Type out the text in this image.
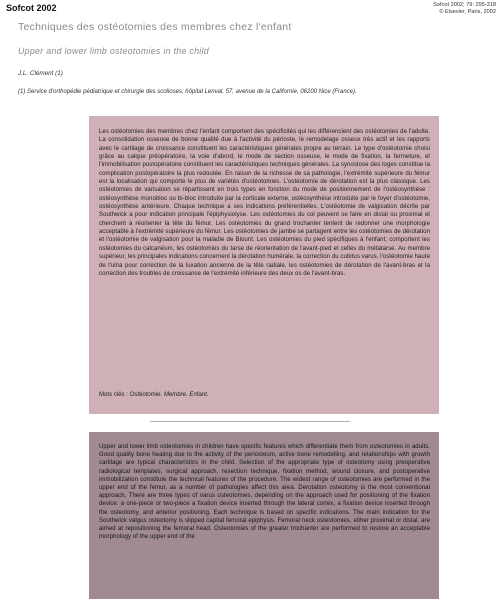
Sofcot 2002	Sofcot 2002; 79: 295-318
© Elsevier, Paris, 2002
Techniques des ostéotomies des membres chez l'enfant
Upper and lower limb osteotomies in the child
J.L. Clément (1)
(1) Service d'orthopédie pédiatrique et chirurgie des scolioses, hôpital Lenval, 57, avenue de la Californie, 06200 Nice (France).
Les ostéotomies des membres chez l'enfant comportent des spécificités qui les différencient des ostéotomies de l'adulte. La consolidation osseuse de bonne qualité due à l'activité du périoste, le remodelage osseux très actif et les rapports avec le cartilage de croissance constituent les caractéristiques générales propre au terrain. Le type d'ostéotomie choisi grâce au calque préopératoire, la voie d'abord, le mode de section osseuse, le mode de fixation, la fermeture, et l'immobilisation postopératoire constituent les caractéristiques techniques générales. La synostose des loges constitue la complication postopératoire la plus redoutée. En raison de la richesse de sa pathologie, l'extrémité supérieure du fémur est la localisation qui comporte le plus de variétés d'ostéotomies. L'ostéotomie de dérotation est la plus classique. Les ostéotomies de varisation se répartissent en trois types en fonction du mode de positionnement de l'ostéosynthèse : ostéosynthèse monobloc ou bi-bloc introduite par la corticale externe, ostéosynthèse introduite par le foyer d'ostéotomie, ostéosynthèse antérieure. Chaque technique a ses indications préférentielles. L'ostéotomie de valgisation décrite par Southwick a pour indication principale l'épiphysiolyse. Les ostéotomies du col peuvent se faire en distal ou proximal et cherchent à réorienter la tête du fémur. Les ostéotomies du grand trochanter tentent de redonner une morphologie acceptable à l'extrémité supérieure du fémur. Les ostéotomies de jambe se partagent entre les ostéotomies de dérotation et l'ostéotomie de valgisation pour la maladie de Blount. Les ostéotomies du pied spécifiques à l'enfant, comportent les ostéotomies du calcanéum, les ostéotomies du tarse de réorientation de l'avant-pied et celles du métatarse. Au membre supérieur, les principales indications concernent la dérotation humérale, la correction du cubitus varus, l'ostéotomie haute de l'ulna pour correction de la luxation ancienne de la tête radiale, les ostéotomies de dérotation de l'avant-bras et la correction des troubles de croissance de l'extrémité inférieure des deux os de l'avant-bras.
Mots clés : Ostéotomie. Membre. Enfant.
Upper and lower limb osteotomies in children have specific features which differentiate them from osteotomies in adults. Good quality bone healing due to the activity of the periosteum, active bone remodelling, and relationships with growth cartilage are typical characteristics in the child. Selection of the appropriate type of osteotomy using preoperative radiological templates, surgical approach, resection technique, fixation method, wound closure, and postoperative immobilization constitute the technical features of the procedure. The widest range of osteotomies are performed in the upper end of the femur, as a number of pathologies affect this area. Derotation osteotomy is the most conventional approach. There are three types of varus osteotomies, depending on the approach used for positioning of the fixation device: a one-piece or two-piece a fixation device inserted through the lateral cortex, a fixation device inserted through the osteotomy, and anterior positioning. Each technique is based on specific indications. The main indication for the Southwick valgus osteotomy is slipped capital femoral epiphysis. Femoral neck osteotomies, either proximal or distal, are aimed at repositioning the femoral head. Osteotomies of the greater trochanter are performed to restore an acceptable morphology of the upper end of the
